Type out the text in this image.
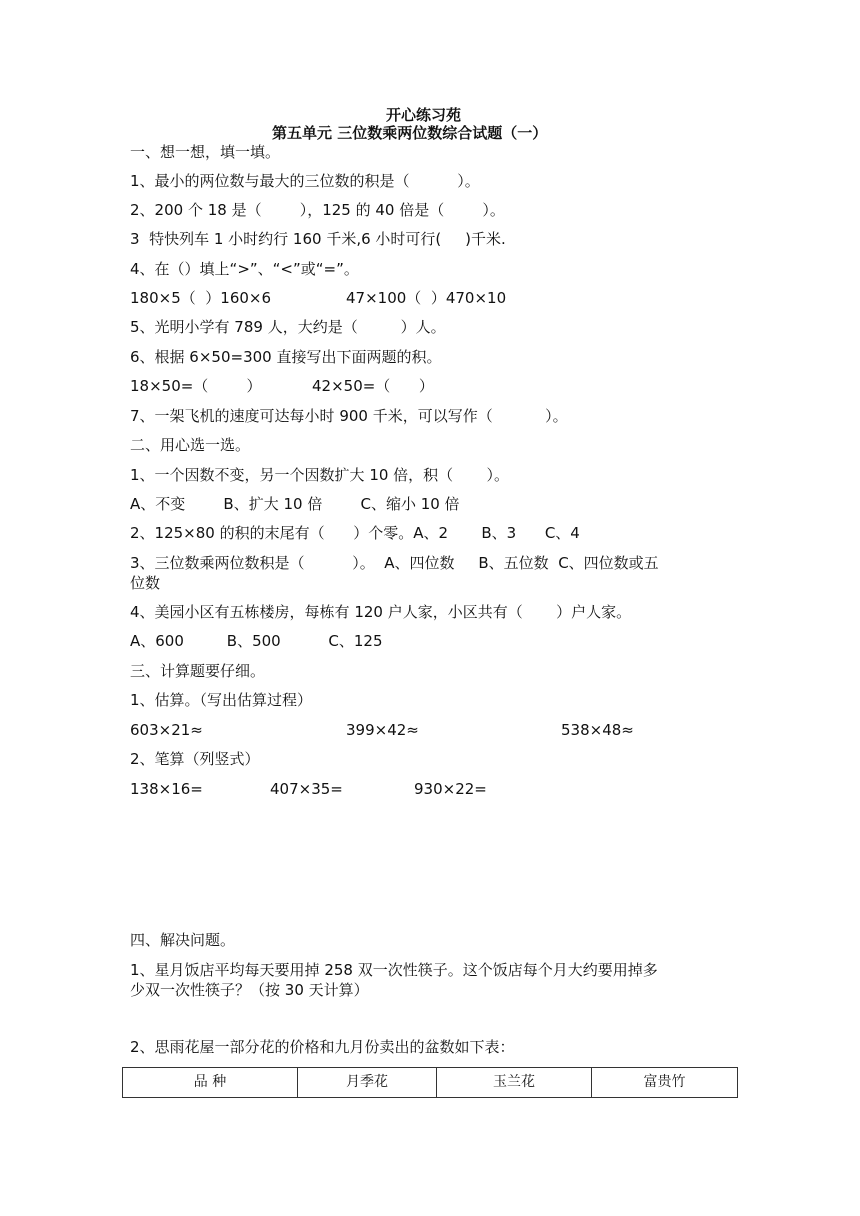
开心练习苑
第五单元 三位数乘两位数综合试题（一）
一、想一想，填一填。
1、最小的两位数与最大的三位数的积是（          ）。
2、200 个 18 是（        ），125 的 40 倍是（        ）。
3  特快列车 1 小时约行 160 千米,6 小时可行(     )千米.
4、在（）填上“>”、“<”或“=”。
180×5（  ）160×6	47×100（  ）470×10
5、光明小学有 789 人，大约是（         ）人。
6、根据 6×50=300 直接写出下面两题的积。
18×50=（        ）	42×50=（      ）
7、一架飞机的速度可达每小时 900 千米，可以写作（           ）。
二、用心选一选。
1、一个因数不变，另一个因数扩大 10 倍，积（       ）。
A、不变        B、扩大 10 倍        C、缩小 10 倍
2、125×80 的积的末尾有（      ）个零。A、2       B、3      C、4
3、三位数乘两位数积是（          ）。  A、四位数     B、五位数  C、四位数或五
位数
4、美园小区有五栋楼房，每栋有 120 户人家，小区共有（       ）户人家。
A、600         B、500          C、125
三、计算题要仔细。
1、估算。（写出估算过程）
603×21≈	399×42≈	538×48≈
2、笔算（列竖式）
138×16=	407×35=	930×22=
四、解决问题。
1、星月饭店平均每天要用掉 258 双一次性筷子。这个饭店每个月大约要用掉多
少双一次性筷子？（按 30 天计算）
2、思雨花屋一部分花的价格和九月份卖出的盆数如下表：
品 种	月季花	玉兰花	富贵竹
